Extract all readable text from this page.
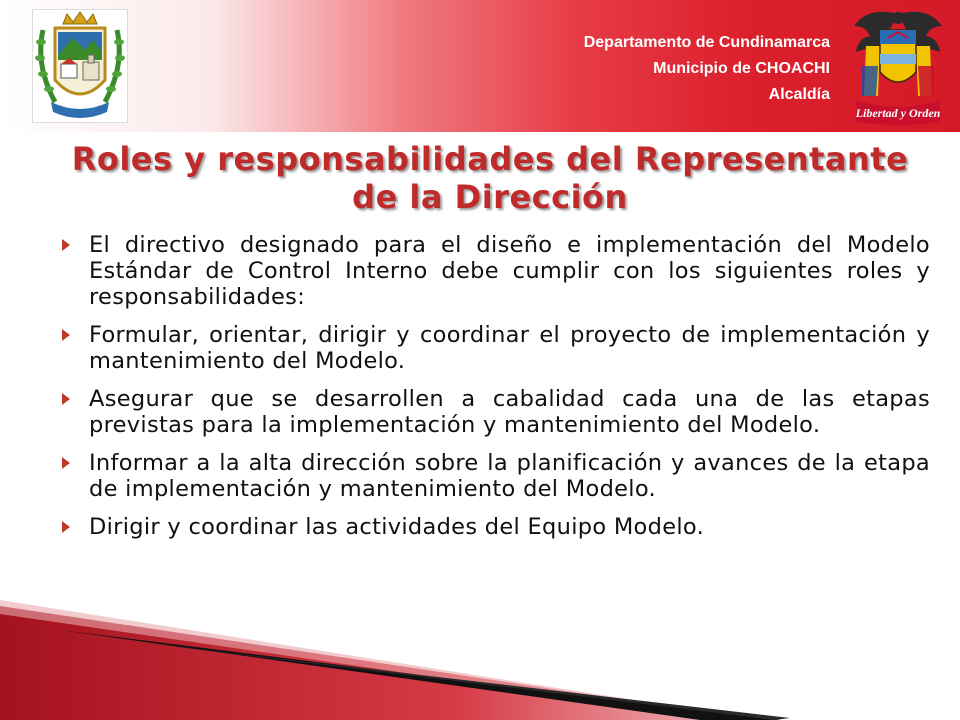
Departamento de Cundinamarca
Municipio de CHOACHI
Alcaldía
Libertad y Orden
Roles y responsabilidades del Representante
de la Dirección
El directivo designado para el diseño e implementación del Modelo Estándar de Control Interno debe cumplir con los siguientes roles y responsabilidades:
Formular, orientar, dirigir y coordinar el proyecto de implementación y mantenimiento del Modelo.
Asegurar que se desarrollen a cabalidad cada una de las etapas previstas para la implementación y mantenimiento del Modelo.
Informar a la alta dirección sobre la planificación y avances de la etapa de implementación y mantenimiento del Modelo.
Dirigir y coordinar las actividades del Equipo Modelo.
